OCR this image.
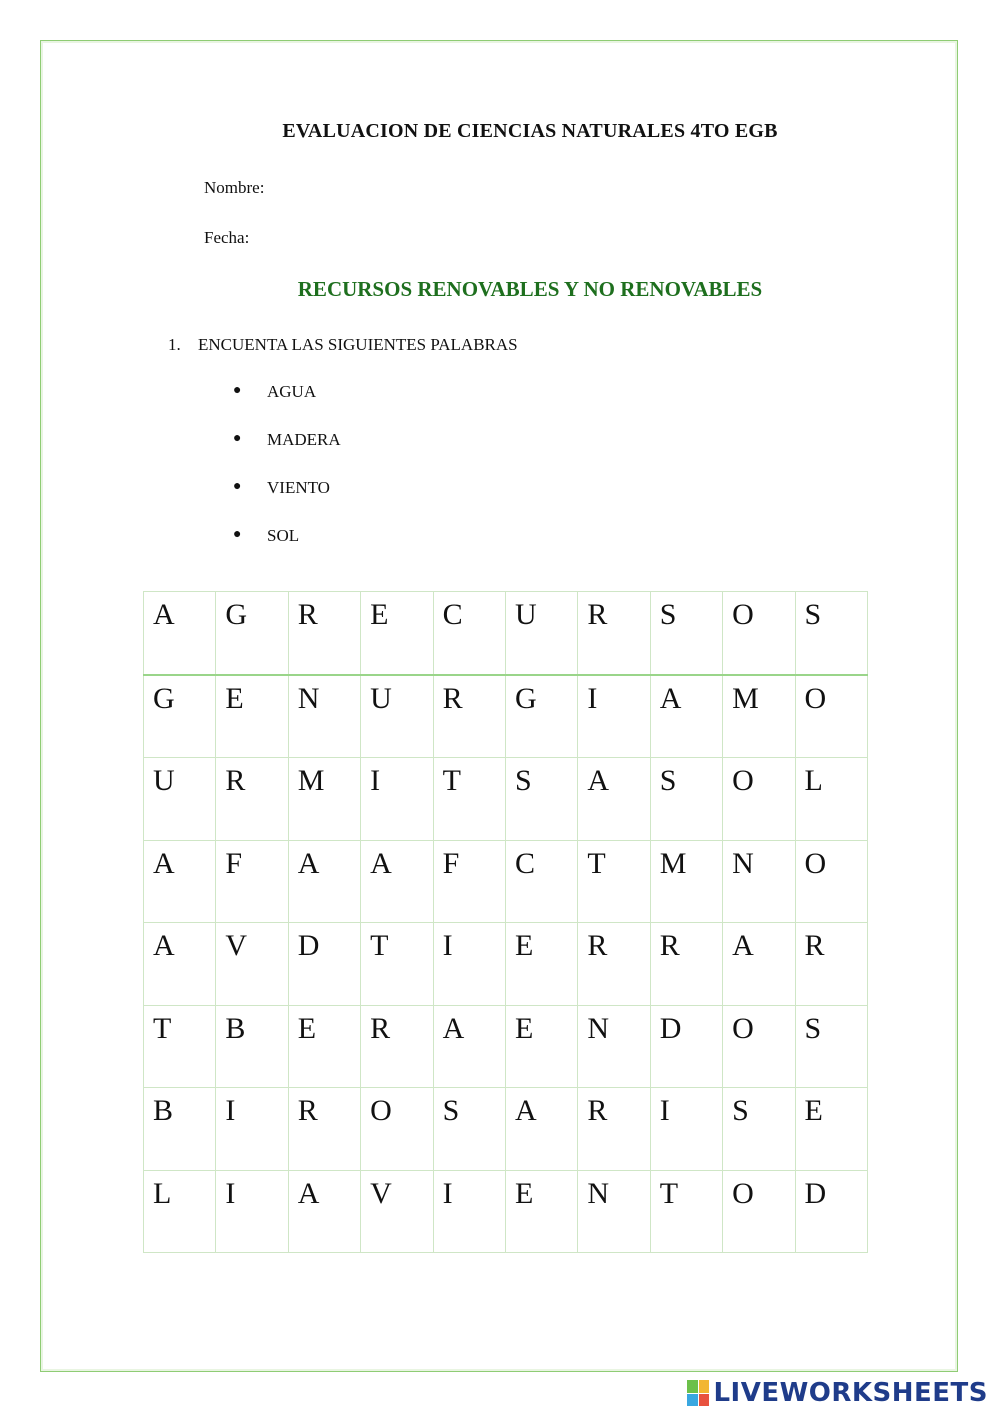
EVALUACION DE CIENCIAS NATURALES 4TO EGB
Nombre:
Fecha:
RECURSOS RENOVABLES Y NO RENOVABLES
1. ENCUENTA LAS SIGUIENTES PALABRAS
●	AGUA
●	MADERA
●	VIENTO
●	SOL
A	G	R	E	C	U	R	S	O	S

G	E	N	U	R	G	I	A	M	O

U	R	M	I	T	S	A	S	O	L

A	F	A	A	F	C	T	M	N	O

A	V	D	T	I	E	R	R	A	R

T	B	E	R	A	E	N	D	O	S

B	I	R	O	S	A	R	I	S	E

L	I	A	V	I	E	N	T	O	D
LIVEWORKSHEETS
